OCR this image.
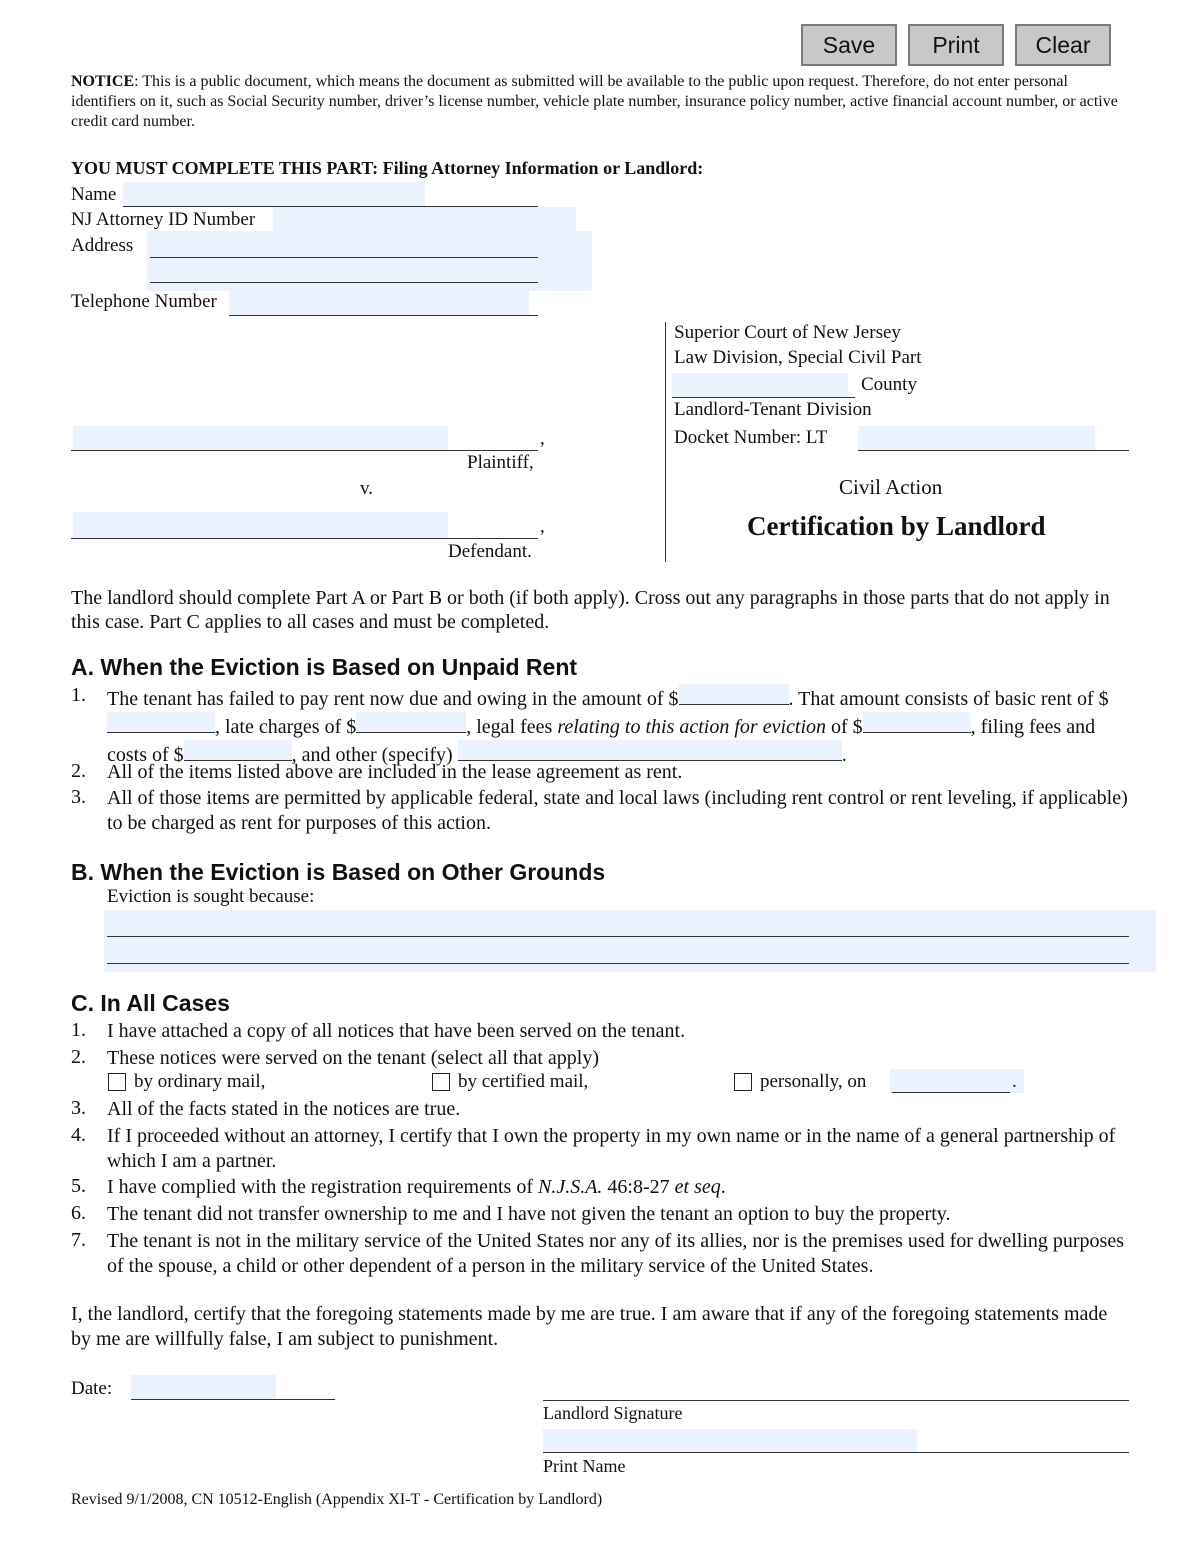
Save	Print	Clear
NOTICE: This is a public document, which means the document as submitted will be available to the public upon request. Therefore, do not enter personal identifiers on it, such as Social Security number, driver’s license number, vehicle plate number, insurance policy number, active financial account number, or active credit card number.
YOU MUST COMPLETE THIS PART: Filing Attorney Information or Landlord:
Name
NJ Attorney ID Number
Address
Telephone Number
,
Plaintiff,
v.
,
Defendant.
Superior Court of New Jersey
Law Division, Special Civil Part
County
Landlord-Tenant Division
Docket Number: LT
Civil Action
Certification by Landlord
The landlord should complete Part A or Part B or both (if both apply). Cross out any paragraphs in those parts that do not apply in this case. Part C applies to all cases and must be completed.
A. When the Eviction is Based on Unpaid Rent
1. The tenant has failed to pay rent now due and owing in the amount of $	. That amount consists of basic rent of $, late charges of $	, legal fees relating to this action for eviction of $	, filing fees and costs of $	, and other (specify)	.
2. All of the items listed above are included in the lease agreement as rent.
3. All of those items are permitted by applicable federal, state and local laws (including rent control or rent leveling, if applicable) to be charged as rent for purposes of this action.
B. When the Eviction is Based on Other Grounds
Eviction is sought because:
C. In All Cases
1. I have attached a copy of all notices that have been served on the tenant.
2. These notices were served on the tenant (select all that apply)
by ordinary mail,	by certified mail,	personally, on	.
3. All of the facts stated in the notices are true.
4. If I proceeded without an attorney, I certify that I own the property in my own name or in the name of a general partnership of which I am a partner.
5. I have complied with the registration requirements of N.J.S.A. 46:8-27 et seq.
6. The tenant did not transfer ownership to me and I have not given the tenant an option to buy the property.
7. The tenant is not in the military service of the United States nor any of its allies, nor is the premises used for dwelling purposes of the spouse, a child or other dependent of a person in the military service of the United States.
I, the landlord, certify that the foregoing statements made by me are true. I am aware that if any of the foregoing statements made by me are willfully false, I am subject to punishment.
Date:
Landlord Signature
Print Name
Revised 9/1/2008, CN 10512-English (Appendix XI-T - Certification by Landlord)
